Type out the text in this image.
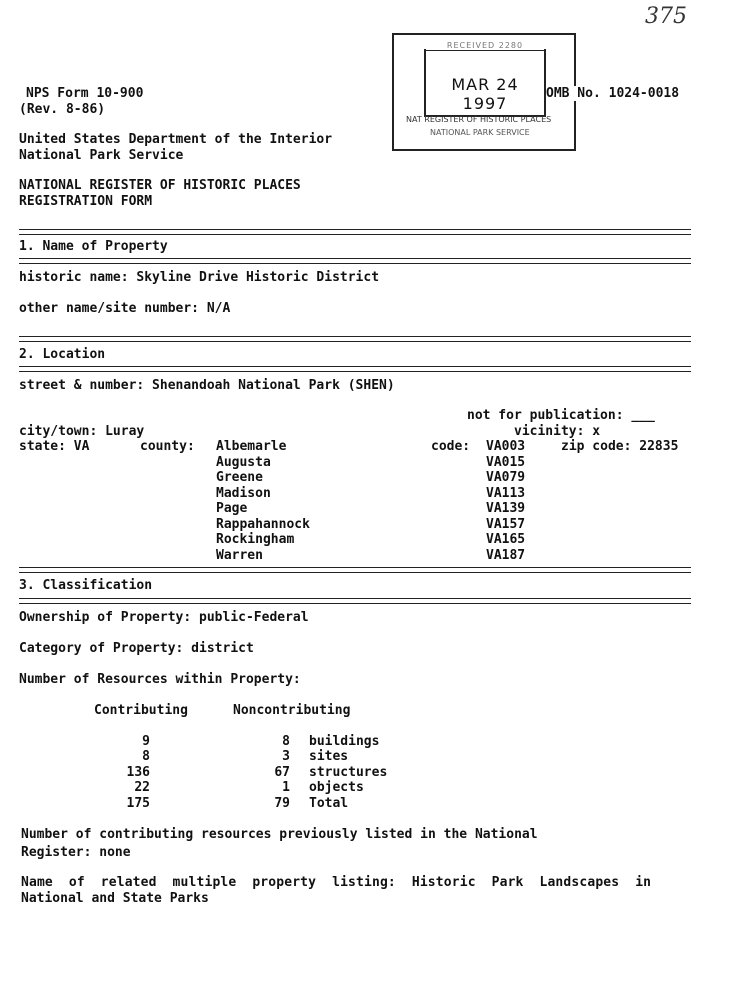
375
RECEIVED 2280
MAR 24 1997
NAT REGISTER OF HISTORIC PLACES
NATIONAL PARK SERVICE
NPS Form 10-900
(Rev. 8-86)
OMB No. 1024-0018
United States Department of the Interior
National Park Service
NATIONAL REGISTER OF HISTORIC PLACES
REGISTRATION FORM
1. Name of Property
historic name: Skyline Drive Historic District
other name/site number: N/A
2. Location
street & number: Shenandoah National Park (SHEN)
not for publication: ___
vicinity: x
city/town: Luray
state: VA	county:	code:	zip code: 22835
Albemarle	VA003
Augusta	VA015
Greene	VA079
Madison	VA113
Page	VA139
Rappahannock	VA157
Rockingham	VA165
Warren	VA187
3. Classification
Ownership of Property: public-Federal
Category of Property: district
Number of Resources within Property:
Contributing	Noncontributing
9	8 buildings
8	3 sites
136	67 structures
22	1 objects
175	79 Total
Number of contributing resources previously listed in the National
Register: none
Name  of  related  multiple  property  listing:  Historic  Park  Landscapes  in
National and State Parks
